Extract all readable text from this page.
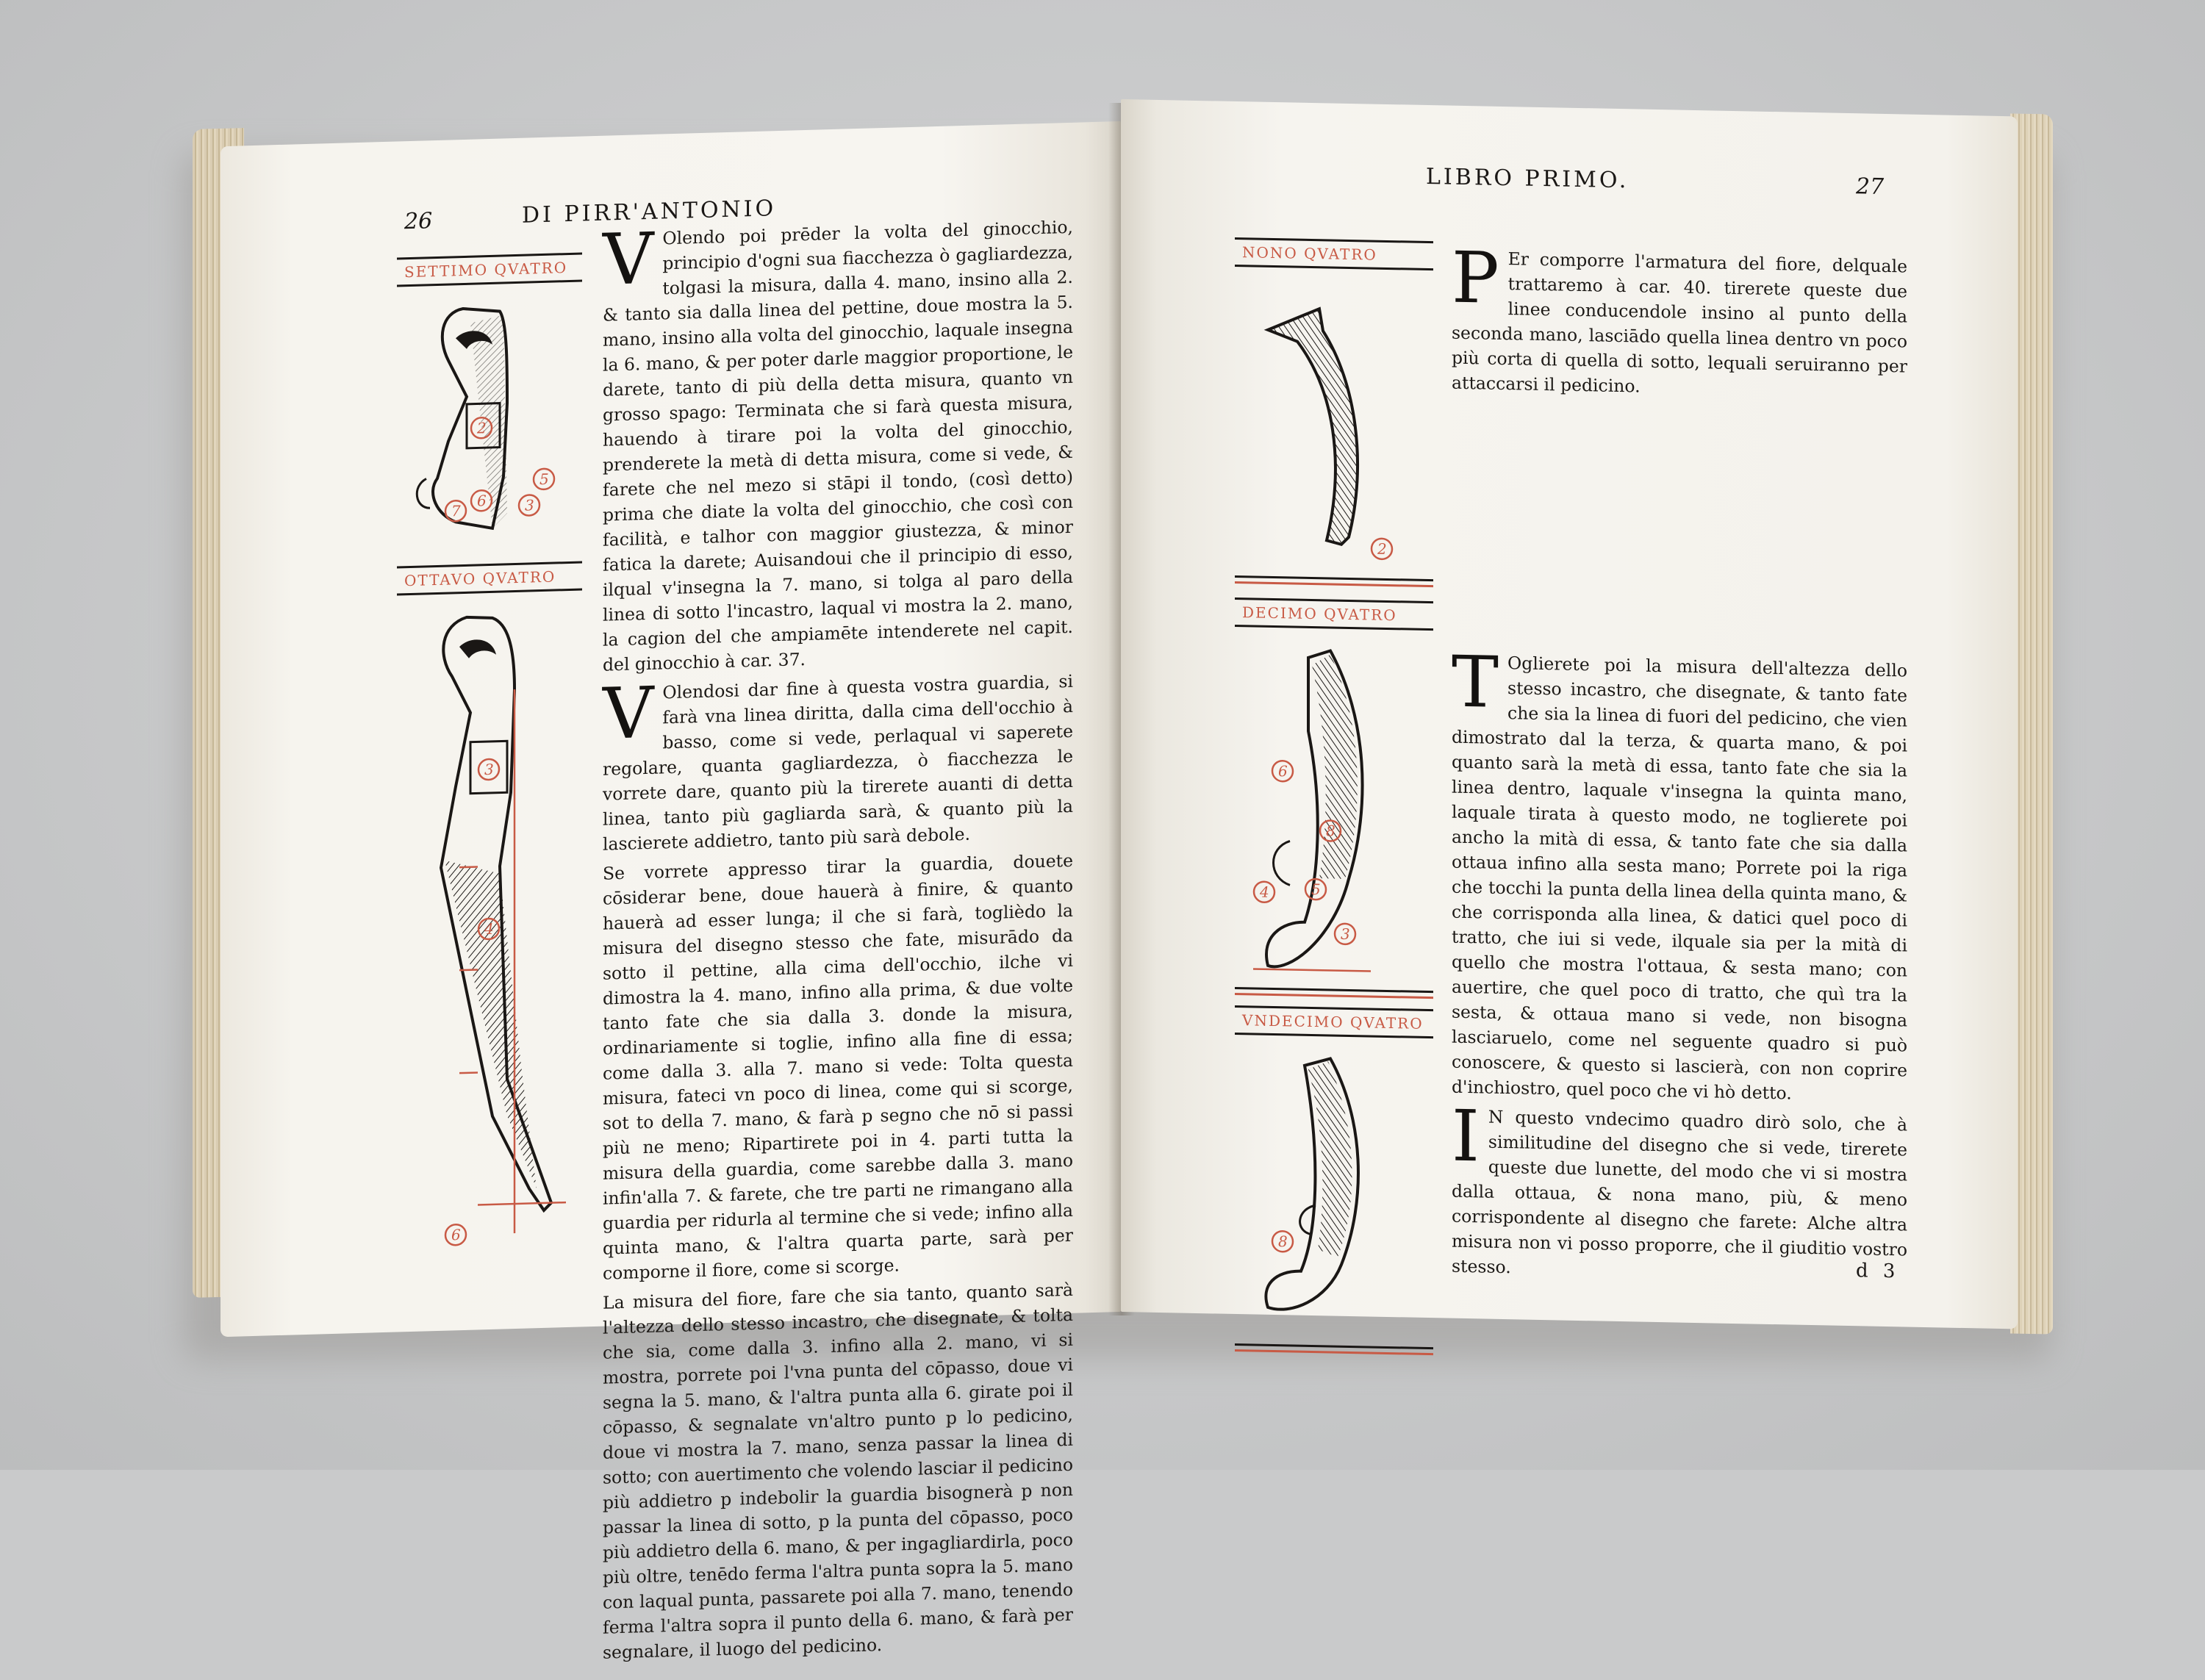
26	DI PIRR'ANTONIO
SETTIMO QVATRO
2
5
7
6	3
OTTAVO QVATRO
3
4
6

V Olendo poi prēder la volta del ginocchio, principio d'ogni sua fiacchezza ò gagliardezza, tolgasi la misura, dalla 4. mano, insino alla 2. & tanto sia dalla linea del pettine, doue mostra la 5. mano, insino alla volta del ginocchio, laquale insegna la 6. mano, & per poter darle maggior proportione, le darete, tanto di più della detta misura, quanto vn grosso spago: Terminata che si farà questa misura, hauendo à tirare poi la volta del ginocchio, prenderete la metà di detta misura, come si vede, & farete che nel mezo si stāpi il tondo, (così detto) prima che diate la volta del ginocchio, che così con facilità, e talhor con maggior giustezza, & minor fatica la darete; Auisandoui che il principio di esso, ilqual v'insegna la 7. mano, si tolga al paro della linea di sotto l'incastro, laqual vi mostra la 2. mano, la cagion del che ampiamēte intenderete nel capit. del ginocchio à car. 37.

V Olendosi dar fine à questa vostra guardia, si farà vna linea diritta, dalla cima dell'occhio à basso, come si vede, perlaqual vi saperete regolare, quanta gagliardezza, ò fiacchezza le vorrete dare, quanto più la tirerete auanti di detta linea, tanto più gagliarda sarà, & quanto più la lascierete addietro, tanto più sarà debole.

Se vorrete appresso tirar la guardia, douete cōsiderar bene, doue hauerà à finire, & quanto hauerà ad esser lunga; il che si farà, toglièdo la misura del disegno stesso che fate, misurādo da sotto il pettine, alla cima dell'occhio, ilche vi dimostra la 4. mano, infino alla prima, & due volte tanto fate che sia dalla 3. donde la misura, ordinariamente si toglie, infino alla fine di essa; come dalla 3. alla 7. mano si vede: Tolta questa misura, fateci vn poco di linea, come qui si scorge, sot to della 7. mano, & farà p segno che nō si passi più ne meno; Ripartirete poi in 4. parti tutta la misura della guardia, come sarebbe dalla 3. mano infin'alla 7. & farete, che tre parti ne rimangano alla guardia per ridurla al termine che si vede; infino alla quinta mano, & l'altra quarta parte, sarà per comporne il fiore, come si scorge.

La misura del fiore, fare che sia tanto, quanto sarà l'altezza dello stesso incastro, che disegnate, & tolta che sia, come dalla 3. infino alla 2. mano, vi si mostra, porrete poi l'vna punta del cōpasso, doue vi segna la 5. mano, & l'altra punta alla 6. girate poi il cōpasso, & segnalate vn'altro punto p lo pedicino, doue vi mostra la 7. mano, senza passar la linea di sotto; con auertimento che volendo lasciar il pedicino più addietro p indebolir la guardia bisognerà p non passar la linea di sotto, p la punta del cōpasso, poco più addietro della 6. mano, & per ingagliardirla, poco più oltre, tenēdo ferma l'altra punta sopra la 5. mano con laqual punta, passarete poi alla 7. mano, tenendo ferma l'altra sopra il punto della 6. mano, & farà per segnalare, il luogo del pedicino.

LIBRO PRIMO.	27
NONO QVATRO
2
DECIMO QVATRO
6
8
5
4
3
VNDECIMO QVATRO
8

P Er comporre l'armatura del fiore, delquale trattaremo à car. 40. tirerete queste due linee conducendole insino al punto della seconda mano, lasciādo quella linea dentro vn poco più corta di quella di sotto, lequali seruiranno per attaccarsi il pedicino.

T Oglierete poi la misura dell'altezza dello stesso incastro, che disegnate, & tanto fate che sia la linea di fuori del pedicino, che vien dimostrato dal la terza, & quarta mano, & poi quanto sarà la metà di essa, tanto fate che sia la linea dentro, laquale v'insegna la quinta mano, laquale tirata à questo modo, ne toglierete poi ancho la mità di essa, & tanto fate che sia dalla ottaua infino alla sesta mano; Porrete poi la riga che tocchi la punta della linea della quinta mano, & che corrisponda alla linea, & datici quel poco di tratto, che iui si vede, ilquale sia per la mità di quello che mostra l'ottaua, & sesta mano; con auertire, che quel poco di tratto, che quì tra la sesta, & ottaua mano si vede, non bisogna lasciaruelo, come nel seguente quadro si può conoscere, & questo si lascierà, con non coprire d'inchiostro, quel poco che vi hò detto.

I N questo vndecimo quadro dirò solo, che à similitudine del disegno che si vede, tirerete queste due lunette, del modo che vi si mostra dalla ottaua, & nona mano, più, & meno corrispondente al disegno che farete: Alche altra misura non vi posso proporre, che il giuditio vostro stesso.	d 3
